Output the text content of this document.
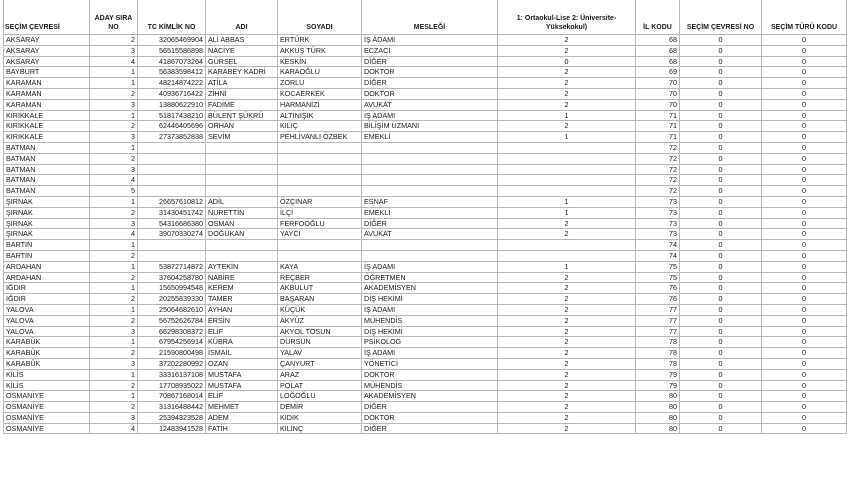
SEÇİM ÇEVRESİ	ADAY SIRA NO	TC KİMLİK NO	ADI	SOYADI	MESLEĞİ	1: Ortaokul-Lise 2: Üniversite-Yüksekokul)	İL KODU	SEÇİM ÇEVRESİ NO	SEÇİM TÜRÜ KODU
AKSARAY	2	32065469904	ALİ ABBAS	ERTÜRK	İŞ ADAMI	2	68	0	0
AKSARAY	3	56515586898	NACİYE	AKKUŞ TÜRK	ECZACI	2	68	0	0
AKSARAY	4	41867073264	GÜRSEL	KESKİN	DİĞER	0	68	0	0
BAYBURT	1	56383598412	KARABEY KADRİ	KARAOĞLU	DOKTOR	2	69	0	0
KARAMAN	1	48214874222	ATİLA	ZORLU	DİĞER	2	70	0	0
KARAMAN	2	40936716422	ZİHNİ	KOCAERKEK	DOKTOR	2	70	0	0
KARAMAN	3	13880622910	FADİME	HARMANİZİ	AVUKAT	2	70	0	0
KIRIKKALE	1	51817438210	BÜLENT ŞÜKRÜ	ALTINIŞIK	İŞ ADAMI	1	71	0	0
KIRIKKALE	2	62446405696	ORHAN	KILIÇ	BİLİŞİM UZMANI	2	71	0	0
KIRIKKALE	3	27373852838	SEVİM	PEHLİVANLI ÖZBEK	EMEKLİ	1	71	0	0
BATMAN	1						72	0	0
BATMAN	2						72	0	0
BATMAN	3						72	0	0
BATMAN	4						72	0	0
BATMAN	5						72	0	0
ŞIRNAK	1	26657610812	ADİL	ÖZÇINAR	ESNAF	1	73	0	0
ŞIRNAK	2	31430451742	NURETTİN	İLÇİ	EMEKLİ	1	73	0	0
ŞIRNAK	3	54316686380	OSMAN	FERFOOĞLU	DİĞER	2	73	0	0
ŞIRNAK	4	39070330274	DOĞUKAN	YAYCI	AVUKAT	2	73	0	0
BARTIN	1						74	0	0
BARTIN	2						74	0	0
ARDAHAN	1	53872714872	AYTEKİN	KAYA	İŞ ADAMI	1	75	0	0
ARDAHAN	2	37604258780	NABİRE	REÇBER	ÖĞRETMEN	2	75	0	0
IĞDIR	1	15650994548	KEREM	AKBULUT	AKADEMİSYEN	2	76	0	0
IĞDIR	2	20255839330	TAMER	BAŞARAN	DİŞ HEKİMİ	2	76	0	0
YALOVA	1	25064682610	AYHAN	KÜÇÜK	İŞ ADAMI	2	77	0	0
YALOVA	2	56752626784	ERSİN	AKYÜZ	MÜHENDİS	2	77	0	0
YALOVA	3	66298308372	ELİF	AKYOL TOSUN	DİŞ HEKİMİ	2	77	0	0
KARABÜK	1	67954256914	KÜBRA	DURSUN	PSİKOLOG	2	78	0	0
KARABÜK	2	21590800498	İSMAİL	YALAV	İŞ ADAMI	2	78	0	0
KARABÜK	3	37202280992	OZAN	ÇANYURT	YÖNETİCİ	2	78	0	0
KİLİS	1	33316137108	MUSTAFA	ARAZ	DOKTOR	2	79	0	0
KİLİS	2	17708935022	MUSTAFA	POLAT	MÜHENDİS	2	79	0	0
OSMANİYE	1	70867168014	ELİF	LOĞOĞLU	AKADEMİSYEN	2	80	0	0
OSMANİYE	2	31316488442	MEHMET	DEMİR	DİĞER	2	80	0	0
OSMANİYE	3	25394323528	ADEM	KIDIK	DOKTOR	2	80	0	0
OSMANİYE	4	12483941528	FATİH	KILINÇ	DİĞER	2	80	0	0
